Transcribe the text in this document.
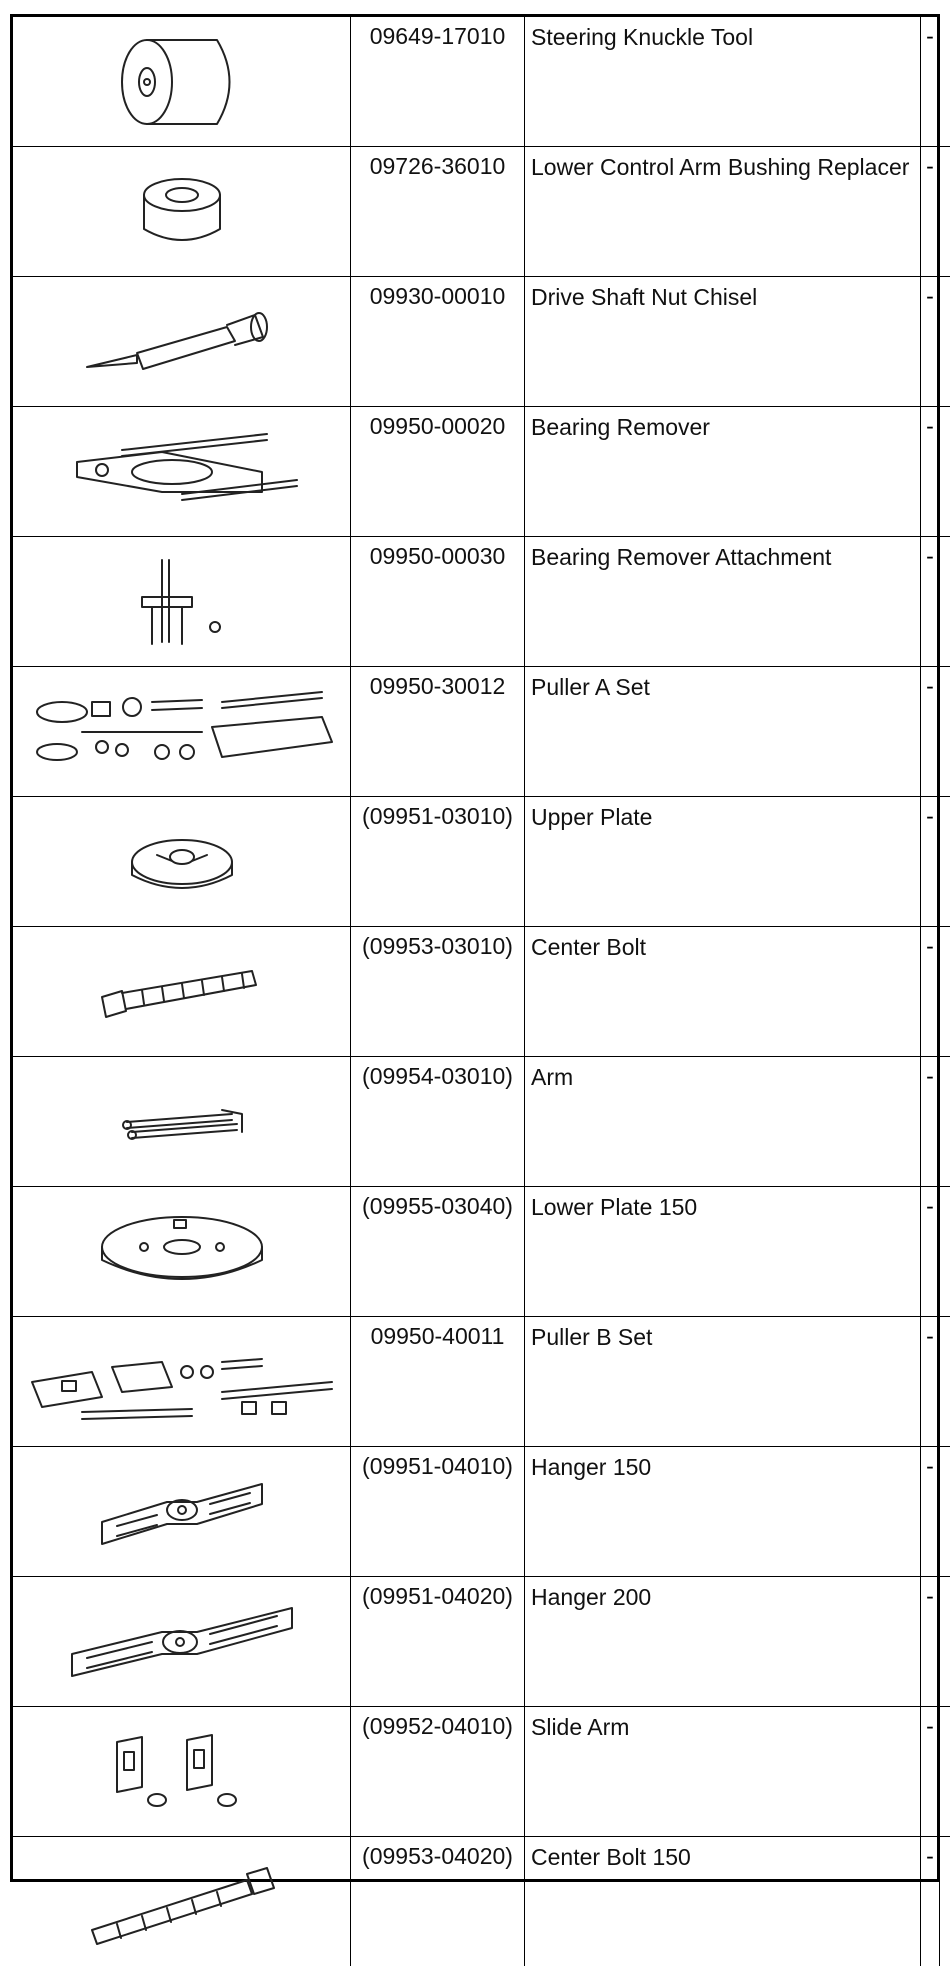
	09649-17010	Steering Knuckle Tool	-	

	09726-36010	Lower Control Arm Bushing Replacer	-	

	09930-00010	Drive Shaft Nut Chisel	-	

	09950-00020	Bearing Remover	-	

	09950-00030	Bearing Remover Attachment	-	

	09950-30012	Puller A Set	-	

	(09951-03010)	Upper Plate	-	

	(09953-03010)	Center Bolt	-	

	(09954-03010)	Arm	-	

	(09955-03040)	Lower Plate 150	-	

	09950-40011	Puller B Set	-	

	(09951-04010)	Hanger 150	-	

	(09951-04020)	Hanger 200	-	

	(09952-04010)	Slide Arm	-	

	(09953-04020)	Center Bolt 150	-	
